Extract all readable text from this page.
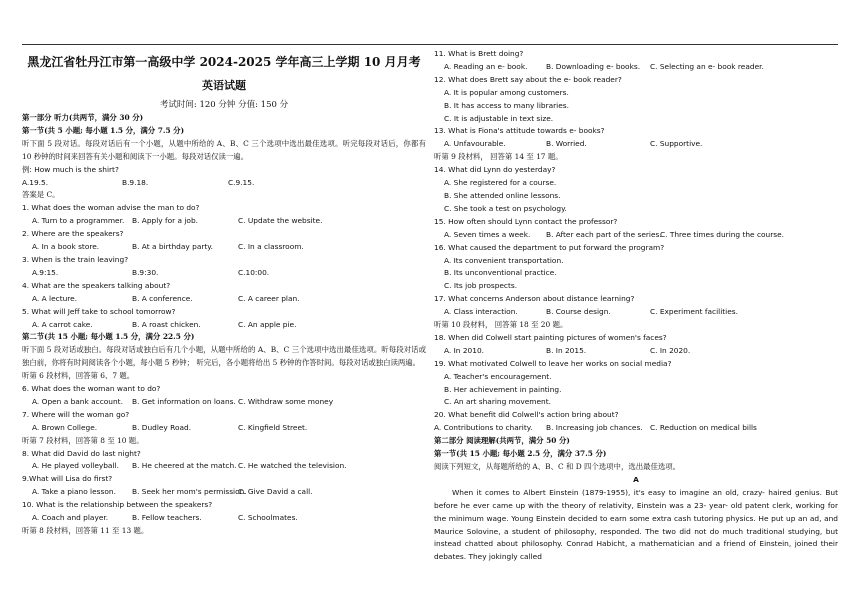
黑龙江省牡丹江市第一高级中学 2024-2025 学年高三上学期 10 月月考
英语试题
考试时间: 120 分钟 分值: 150 分
第一部分 听力(共两节，满分 30 分)
第一节(共 5 小题; 每小题 1.5 分，满分 7.5 分)
听下面 5 段对话。每段对话后有一个小题，从题中所给的 A、B、C 三个选项中选出最佳选项。听完每段对话后，你都有 10 秒钟的时间来回答有关小题和阅读下一小题。每段对话仅读一遍。
例: How much is the shirt?
A.19.5.	B.9.18.	C.9.15.
答案是 C。
1. What does the woman advise the man to do?
A. Turn to a programmer.	B. Apply for a job.	C. Update the website.
2. Where are the speakers?
A. In a book store.	B. At a birthday party.	C. In a classroom.
3. When is the train leaving?
A.9:15.	B.9:30.	C.10:00.
4. What are the speakers talking about?
A. A lecture.	B. A conference.	C. A career plan.
5. What will Jeff take to school tomorrow?
A. A carrot cake.	B. A roast chicken.	C. An apple pie.
第二节(共 15 小题; 每小题 1.5 分，满分 22.5 分)
听下面 5 段对话或独白。每段对话或独白后有几个小题，从题中所给的 A、B、C 三个选项中选出最佳选项。听每段对话或独白前，你将有时间阅读各个小题，每小题 5 秒钟； 听完后，各小题将给出 5 秒钟的作答时间。每段对话或独白读两遍。
听第 6 段材料，回答第 6、7 题。
6. What does the woman want to do?
A. Open a bank account.	B. Get information on loans. C. Withdraw some money
7. Where will the woman go?
A. Brown College.	B. Dudley Road.	C. Kingfield Street.
听第 7 段材料，回答第 8 至 10 题。
8. What did David do last night?
A. He played volleyball.	B. He cheered at the match. C. He watched the television.
9.What will Lisa do first?
A. Take a piano lesson.	B. Seek her mom's permission.
C. Give David a call.
10. What is the relationship between the speakers?
A. Coach and player.	B. Fellow teachers.	C. Schoolmates.
听第 8 段材料，回答第 11 至 13 题。
11. What is Brett doing?
A. Reading an e- book.	B. Downloading e- books.	C. Selecting an e- book reader.
12. What does Brett say about the e- book reader?
A. It is popular among customers.
B. It has access to many libraries.
C. It is adjustable in text size.
13. What is Fiona's attitude towards e- books?
A. Unfavourable.	B. Worried.	C. Supportive.
听第 9 段材料， 回答第 14 至 17 题。
14. What did Lynn do yesterday?
A. She registered for a course.
B. She attended online lessons.
C. She took a test on psychology.
15. How often should Lynn contact the professor?
A. Seven times a week.	B. After each part of the series.
C. Three times during the course.
16. What caused the department to put forward the program?
A. Its convenient transportation.
B. Its unconventional practice.
C. Its job prospects.
17. What concerns Anderson about distance learning?
A. Class interaction.	B. Course design.	C. Experiment facilities.
听第 10 段材料， 回答第 18 至 20 题。
18. When did Colwell start painting pictures of women's faces?
A. In 2010.	B. In 2015.	C. In 2020.
19. What motivated Colwell to leave her works on social media?
A. Teacher's encouragement.
B. Her achievement in painting.
C. An art sharing movement.
20. What benefit did Colwell's action bring about?
A. Contributions to charity.	B. Increasing job chances. C. Reduction on medical bills
第二部分 阅读理解(共两节，满分 50 分)
第一节(共 15 小题; 每小题 2.5 分，满分 37.5 分)
阅读下列短文，从每题所给的 A、B、C 和 D 四个选项中，选出最佳选项。
A
When it comes to Albert Einstein (1879-1955), it's easy to imagine an old, crazy- haired genius. But before he ever came up with the theory of relativity, Einstein was a 23- year- old patent clerk, working for the minimum wage. Young Einstein decided to earn some extra cash tutoring physics. He put up an ad, and Maurice Solovine, a student of philosophy, responded. The two did not do much traditional studying, but instead chatted about philosophy. Conrad Habicht, a mathematician and a friend of Einstein, joined their debates. They jokingly called
